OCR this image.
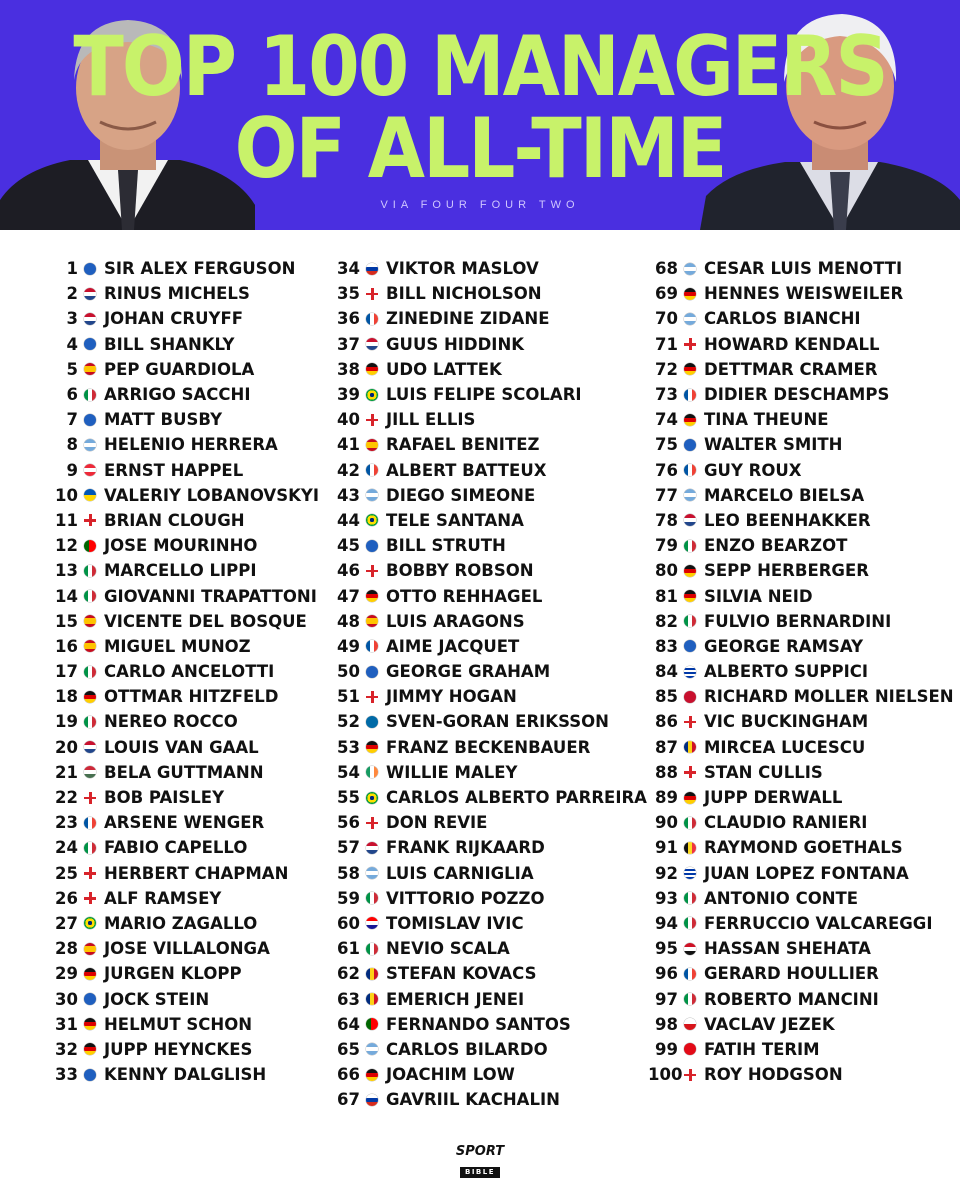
TOP 100 MANAGERS
OF ALL-TIME
VIA FOUR FOUR TWO
1 SIR ALEX FERGUSON
2 RINUS MICHELS
3 JOHAN CRUYFF
4 BILL SHANKLY
5 PEP GUARDIOLA
6 ARRIGO SACCHI
7 MATT BUSBY
8 HELENIO HERRERA
9 ERNST HAPPEL
10 VALERIY LOBANOVSKYI
11 BRIAN CLOUGH
12 JOSE MOURINHO
13 MARCELLO LIPPI
14 GIOVANNI TRAPATTONI
15 VICENTE DEL BOSQUE
16 MIGUEL MUNOZ
17 CARLO ANCELOTTI
18 OTTMAR HITZFELD
19 NEREO ROCCO
20 LOUIS VAN GAAL
21 BELA GUTTMANN
22 BOB PAISLEY
23 ARSENE WENGER
24 FABIO CAPELLO
25 HERBERT CHAPMAN
26 ALF RAMSEY
27 MARIO ZAGALLO
28 JOSE VILLALONGA
29 JURGEN KLOPP
30 JOCK STEIN
31 HELMUT SCHON
32 JUPP HEYNCKES
33 KENNY DALGLISH
34 VIKTOR MASLOV
35 BILL NICHOLSON
36 ZINEDINE ZIDANE
37 GUUS HIDDINK
38 UDO LATTEK
39 LUIS FELIPE SCOLARI
40 JILL ELLIS
41 RAFAEL BENITEZ
42 ALBERT BATTEUX
43 DIEGO SIMEONE
44 TELE SANTANA
45 BILL STRUTH
46 BOBBY ROBSON
47 OTTO REHHAGEL
48 LUIS ARAGONS
49 AIME JACQUET
50 GEORGE GRAHAM
51 JIMMY HOGAN
52 SVEN-GORAN ERIKSSON
53 FRANZ BECKENBAUER
54 WILLIE MALEY
55 CARLOS ALBERTO PARREIRA
56 DON REVIE
57 FRANK RIJKAARD
58 LUIS CARNIGLIA
59 VITTORIO POZZO
60 TOMISLAV IVIC
61 NEVIO SCALA
62 STEFAN KOVACS
63 EMERICH JENEI
64 FERNANDO SANTOS
65 CARLOS BILARDO
66 JOACHIM LOW
67 GAVRIIL KACHALIN
68 CESAR LUIS MENOTTI
69 HENNES WEISWEILER
70 CARLOS BIANCHI
71 HOWARD KENDALL
72 DETTMAR CRAMER
73 DIDIER DESCHAMPS
74 TINA THEUNE
75 WALTER SMITH
76 GUY ROUX
77 MARCELO BIELSA
78 LEO BEENHAKKER
79 ENZO BEARZOT
80 SEPP HERBERGER
81 SILVIA NEID
82 FULVIO BERNARDINI
83 GEORGE RAMSAY
84 ALBERTO SUPPICI
85 RICHARD MOLLER NIELSEN
86 VIC BUCKINGHAM
87 MIRCEA LUCESCU
88 STAN CULLIS
89 JUPP DERWALL
90 CLAUDIO RANIERI
91 RAYMOND GOETHALS
92 JUAN LOPEZ FONTANA
93 ANTONIO CONTE
94 FERRUCCIO VALCAREGGI
95 HASSAN SHEHATA
96 GERARD HOULLIER
97 ROBERTO MANCINI
98 VACLAV JEZEK
99 FATIH TERIM
100 ROY HODGSON
SPORT
BIBLE
